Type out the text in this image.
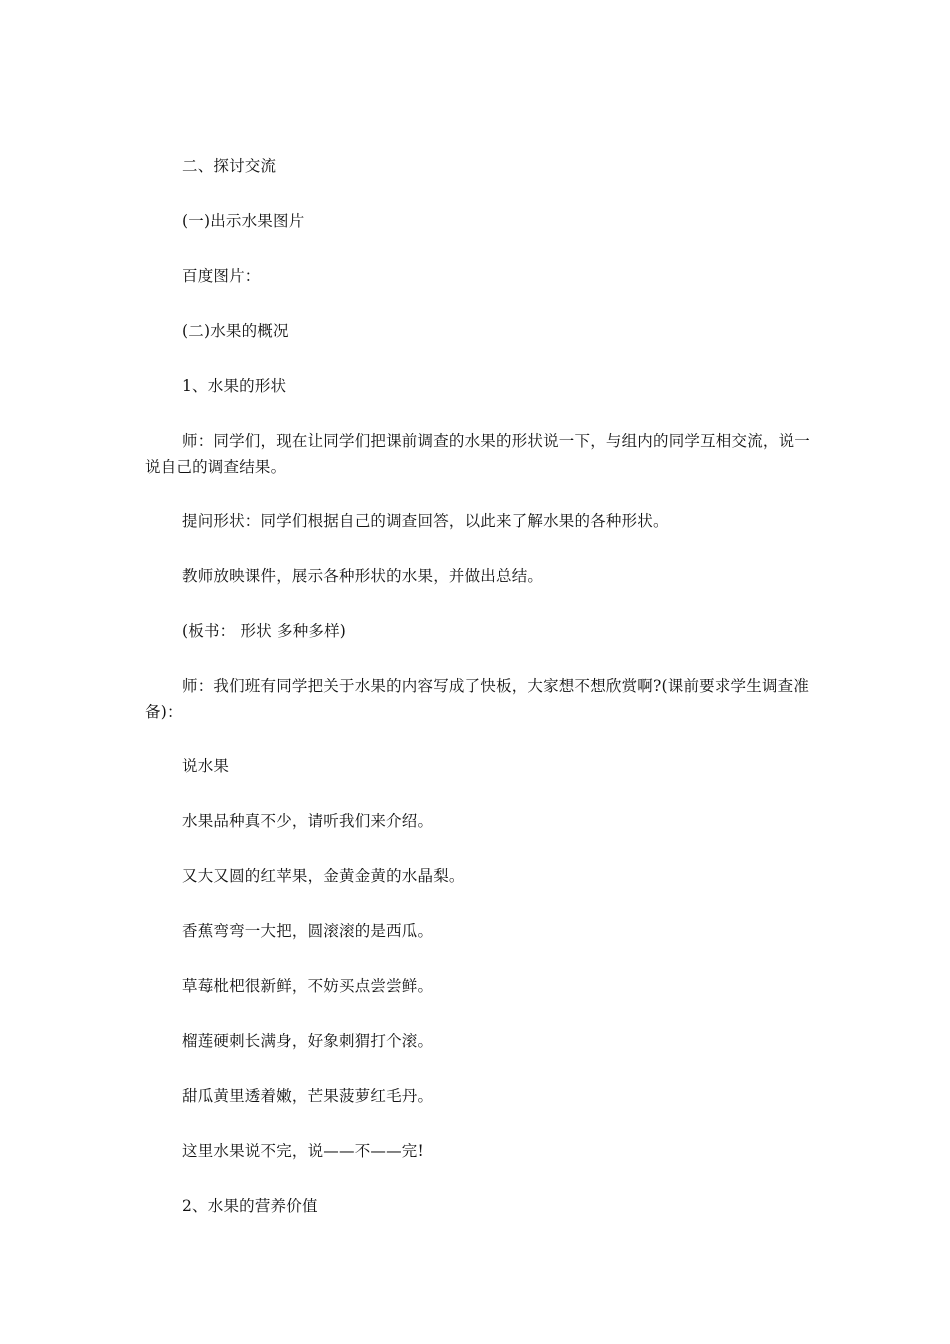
二、探讨交流
(一)出示水果图片
百度图片：
(二)水果的概况
1、水果的形状
师：同学们，现在让同学们把课前调查的水果的形状说一下，与组内的同学互相交流，说一说自己的调查结果。
提问形状：同学们根据自己的调查回答，以此来了解水果的各种形状。
教师放映课件，展示各种形状的水果，并做出总结。
(板书： 形状 多种多样)
师：我们班有同学把关于水果的内容写成了快板，大家想不想欣赏啊?(课前要求学生调查准备)：
说水果
水果品种真不少，请听我们来介绍。
又大又圆的红苹果，金黄金黄的水晶梨。
香蕉弯弯一大把，圆滚滚的是西瓜。
草莓枇杷很新鲜，不妨买点尝尝鲜。
榴莲硬刺长满身，好象刺猬打个滚。
甜瓜黄里透着嫩，芒果菠萝红毛丹。
这里水果说不完，说——不——完!
2、水果的营养价值
